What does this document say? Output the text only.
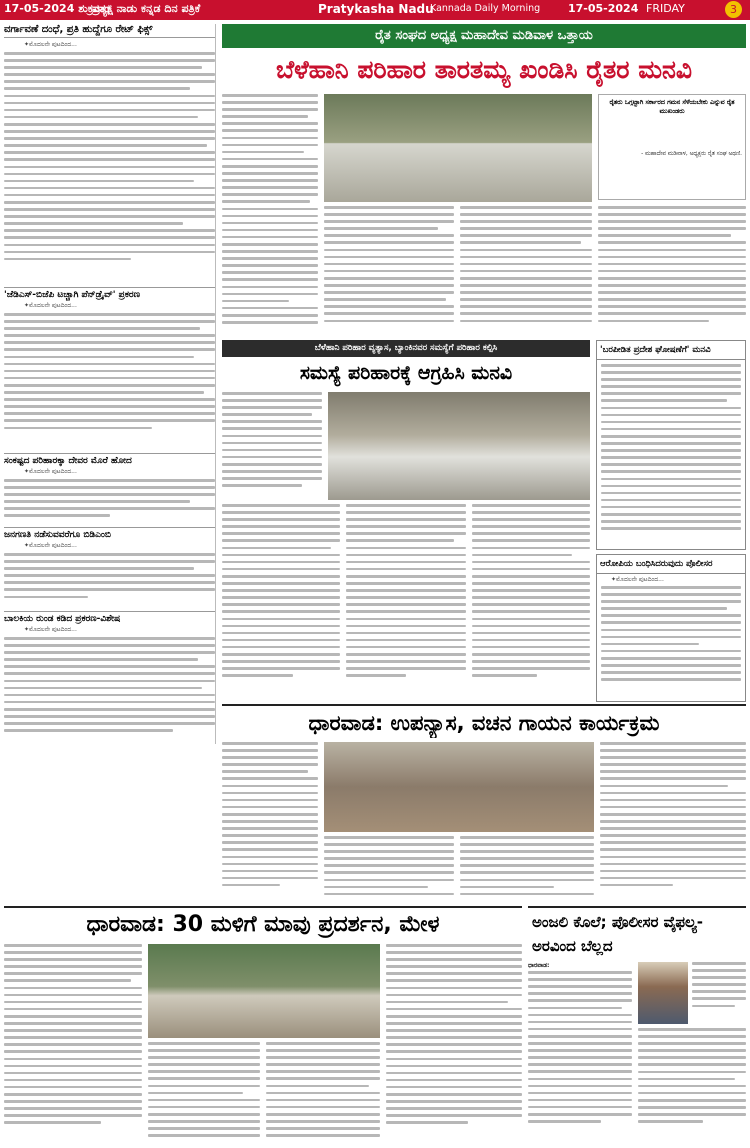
17-05-2024 ಶುಕ್ರವಾರ
ಪ್ರತ್ಯಕ್ಷ ನಾಡು ಕನ್ನಡ ದಿನ ಪತ್ರಿಕೆ	Pratykasha Nadu
Kannada Daily Morning	17-05-2024 FRIDAY	3
ವರ್ಗಾವಣೆ ದಂಧೆ, ಪ್ರತಿ ಹುದ್ದೆಗೂ ರೇಟ್ ಫಿಕ್ಸ್
✦ಮೊದಲನೇ ಪುಟದಿಂದ...
'ಜೆಡಿಎಸ್-ಬಿಜೆಪಿ ಟಚ್ಚಾಗಿ ಪೆನ್‌ಡ್ರೈವ್' ಪ್ರಕರಣ
✦ಮೊದಲನೇ ಪುಟದಿಂದ...
ಸಂಕಷ್ಟದ ಪರಿಹಾರಕ್ಕಾ ದೇವರ ಮೊರೆ ಹೋದ
✦ಮೊದಲನೇ ಪುಟದಿಂದ...
ಜನಗಣತಿ ನಡೆಸುವವರೆಗೂ ಬಿಡಿಎಂಬಿ
✦ಮೊದಲನೇ ಪುಟದಿಂದ...
ಬಾಲಕಿಯ ರುಂಡ ಕಡಿದ ಪ್ರಕರಣ-ವಿಶೇಷ
✦ಮೊದಲನೇ ಪುಟದಿಂದ...
ರೈತ ಸಂಘದ ಅಧ್ಯಕ್ಷ ಮಹಾದೇವ ಮಡಿವಾಳ ಒತ್ತಾಯ
ಬೆಳೆಹಾನಿ ಪರಿಹಾರ ತಾರತಮ್ಯ ಖಂಡಿಸಿ ರೈತರ ಮನವಿ
ರೈತರು ಒಗ್ಗಟ್ಟಾಗಿ ಸರ್ಕಾರದ ಗಮನ ಸೆಳೆಯಬೇಕು ಎನ್ನುವ ರೈತ ಮುಖಂಡರು
- ಮಹಾದೇವ ಮಡಿವಾಳ, ಅಧ್ಯಕ್ಷರು ರೈತ ಸಂಘ ಅಥಣಿ.
ಬೆಳೆಹಾನಿ ಪರಿಹಾರ ವ್ಯತ್ಯಾಸ, ಬ್ಯಾಂಕಿನವರ ಸಮಸ್ಯೆಗೆ ಪರಿಹಾರ ಕಲ್ಪಿಸಿ
ಸಮಸ್ಯೆ ಪರಿಹಾರಕ್ಕೆ ಆಗ್ರಹಿಸಿ ಮನವಿ
'ಬರಪೀಡಿತ ಪ್ರದೇಶ ಘೋಷಣೆಗೆ' ಮನವಿ
ಆರೋಪಿಯ ಬಂಧಿಸಿದರುವುದು ಪೊಲೀಸರ
✦ಮೊದಲನೇ ಪುಟದಿಂದ...
ಧಾರವಾಡ: ಉಪನ್ಯಾಸ, ವಚನ ಗಾಯನ ಕಾರ್ಯಕ್ರಮ
ಧಾರವಾಡ: 30 ಮಳಿಗೆ ಮಾವು ಪ್ರದರ್ಶನ, ಮೇಳ	ಅಂಜಲಿ ಕೊಲೆ; ಪೊಲೀಸರ ವೈಫಲ್ಯ-ಅರವಿಂದ ಬೆಲ್ಲದ
ಧಾರವಾಡ:
